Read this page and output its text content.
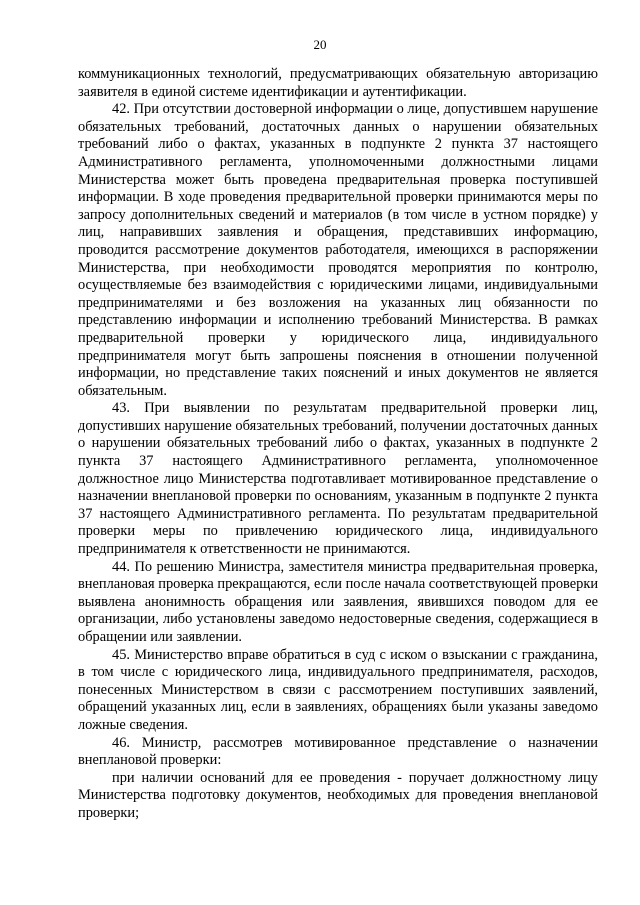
20

коммуникационных технологий, предусматривающих обязательную авторизацию заявителя в единой системе идентификации и аутентификации.

42. При отсутствии достоверной информации о лице, допустившем нарушение обязательных требований, достаточных данных о нарушении обязательных требований либо о фактах, указанных в подпункте 2 пункта 37 настоящего Административного регламента, уполномоченными должностными лицами Министерства может быть проведена предварительная проверка поступившей информации. В ходе проведения предварительной проверки принимаются меры по запросу дополнительных сведений и материалов (в том числе в устном порядке) у лиц, направивших заявления и обращения, представивших информацию, проводится рассмотрение документов работодателя, имеющихся в распоряжении Министерства, при необходимости проводятся мероприятия по контролю, осуществляемые без взаимодействия с юридическими лицами, индивидуальными предпринимателями и без возложения на указанных лиц обязанности по представлению информации и исполнению требований Министерства. В рамках предварительной проверки у юридического лица, индивидуального предпринимателя могут быть запрошены пояснения в отношении полученной информации, но представление таких пояснений и иных документов не является обязательным.

43. При выявлении по результатам предварительной проверки лиц, допустивших нарушение обязательных требований, получении достаточных данных о нарушении обязательных требований либо о фактах, указанных в подпункте 2 пункта 37 настоящего Административного регламента, уполномоченное должностное лицо Министерства подготавливает мотивированное представление о назначении внеплановой проверки по основаниям, указанным в подпункте 2 пункта 37 настоящего Административного регламента. По результатам предварительной проверки меры по привлечению юридического лица, индивидуального предпринимателя к ответственности не принимаются.

44. По решению Министра, заместителя министра предварительная проверка, внеплановая проверка прекращаются, если после начала соответствующей проверки выявлена анонимность обращения или заявления, явившихся поводом для ее организации, либо установлены заведомо недостоверные сведения, содержащиеся в обращении или заявлении.

45. Министерство вправе обратиться в суд с иском о взыскании с гражданина, в том числе с юридического лица, индивидуального предпринимателя, расходов, понесенных Министерством в связи с рассмотрением поступивших заявлений, обращений указанных лиц, если в заявлениях, обращениях были указаны заведомо ложные сведения.

46. Министр, рассмотрев мотивированное представление о назначении внеплановой проверки:

при наличии оснований для ее проведения - поручает должностному лицу Министерства подготовку документов, необходимых для проведения внеплановой проверки;
